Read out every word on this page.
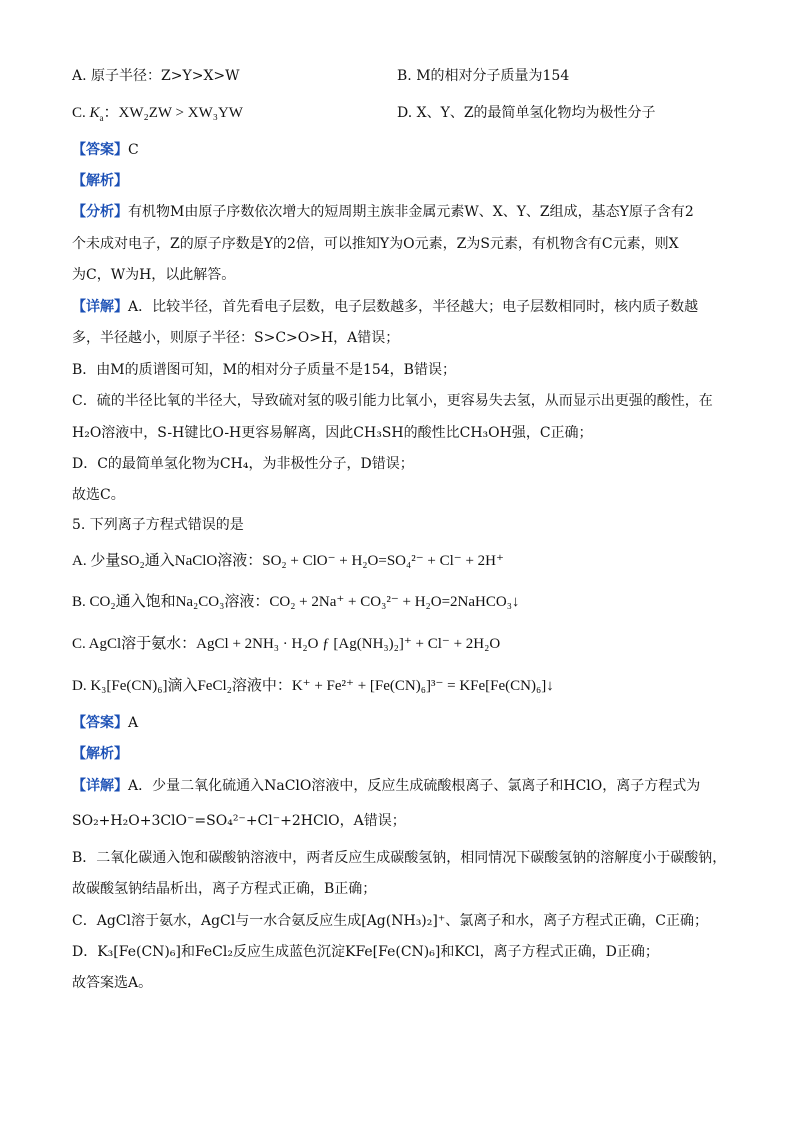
A. 原子半径：Z>Y>X>W	B. M的相对分子质量为154
C. $K_a$：XW₂ZW > XW₃YW	D. X、Y、Z的最简单氢化物均为极性分子
【答案】C
【解析】
【分析】有机物M由原子序数依次增大的短周期主族非金属元素W、X、Y、Z组成，基态Y原子含有2
个未成对电子，Z的原子序数是Y的2倍，可以推知Y为O元素，Z为S元素，有机物含有C元素，则X
为C，W为H，以此解答。
【详解】A．比较半径，首先看电子层数，电子层数越多，半径越大；电子层数相同时，核内质子数越
多，半径越小，则原子半径：S>C>O>H，A错误；
B．由M的质谱图可知，M的相对分子质量不是154，B错误；
C．硫的半径比氧的半径大，导致硫对氢的吸引能力比氧小，更容易失去氢，从而显示出更强的酸性，在
H₂O溶液中，S-H键比O-H更容易解离，因此CH₃SH的酸性比CH₃OH强，C正确；
D．C的最简单氢化物为CH₄，为非极性分子，D错误；
故选C。
5. 下列离子方程式错误的是
A. 少量SO₂通入NaClO溶液：SO₂ + ClO⁻ + H₂O=SO₄²⁻ + Cl⁻ + 2H⁺
B. CO₂通入饱和Na₂CO₃溶液：CO₂ + 2Na⁺ + CO₃²⁻ + H₂O=2NaHCO₃↓
C. AgCl溶于氨水：AgCl + 2NH₃ · H₂O ƒ [Ag(NH₃)₂]⁺ + Cl⁻ + 2H₂O
D. K₃[Fe(CN)₆]滴入FeCl₂溶液中：K⁺ + Fe²⁺ + [Fe(CN)₆]³⁻ = KFe[Fe(CN)₆]↓
【答案】A
【解析】
【详解】A．少量二氧化硫通入NaClO溶液中，反应生成硫酸根离子、氯离子和HClO，离子方程式为
SO₂+H₂O+3ClO⁻=SO₄²⁻+Cl⁻+2HClO，A错误；
B．二氧化碳通入饱和碳酸钠溶液中，两者反应生成碳酸氢钠，相同情况下碳酸氢钠的溶解度小于碳酸钠，
故碳酸氢钠结晶析出，离子方程式正确，B正确；
C．AgCl溶于氨水，AgCl与一水合氨反应生成[Ag(NH₃)₂]⁺、氯离子和水，离子方程式正确，C正确；
D．K₃[Fe(CN)₆]和FeCl₂反应生成蓝色沉淀KFe[Fe(CN)₆]和KCl，离子方程式正确，D正确；
故答案选A。
